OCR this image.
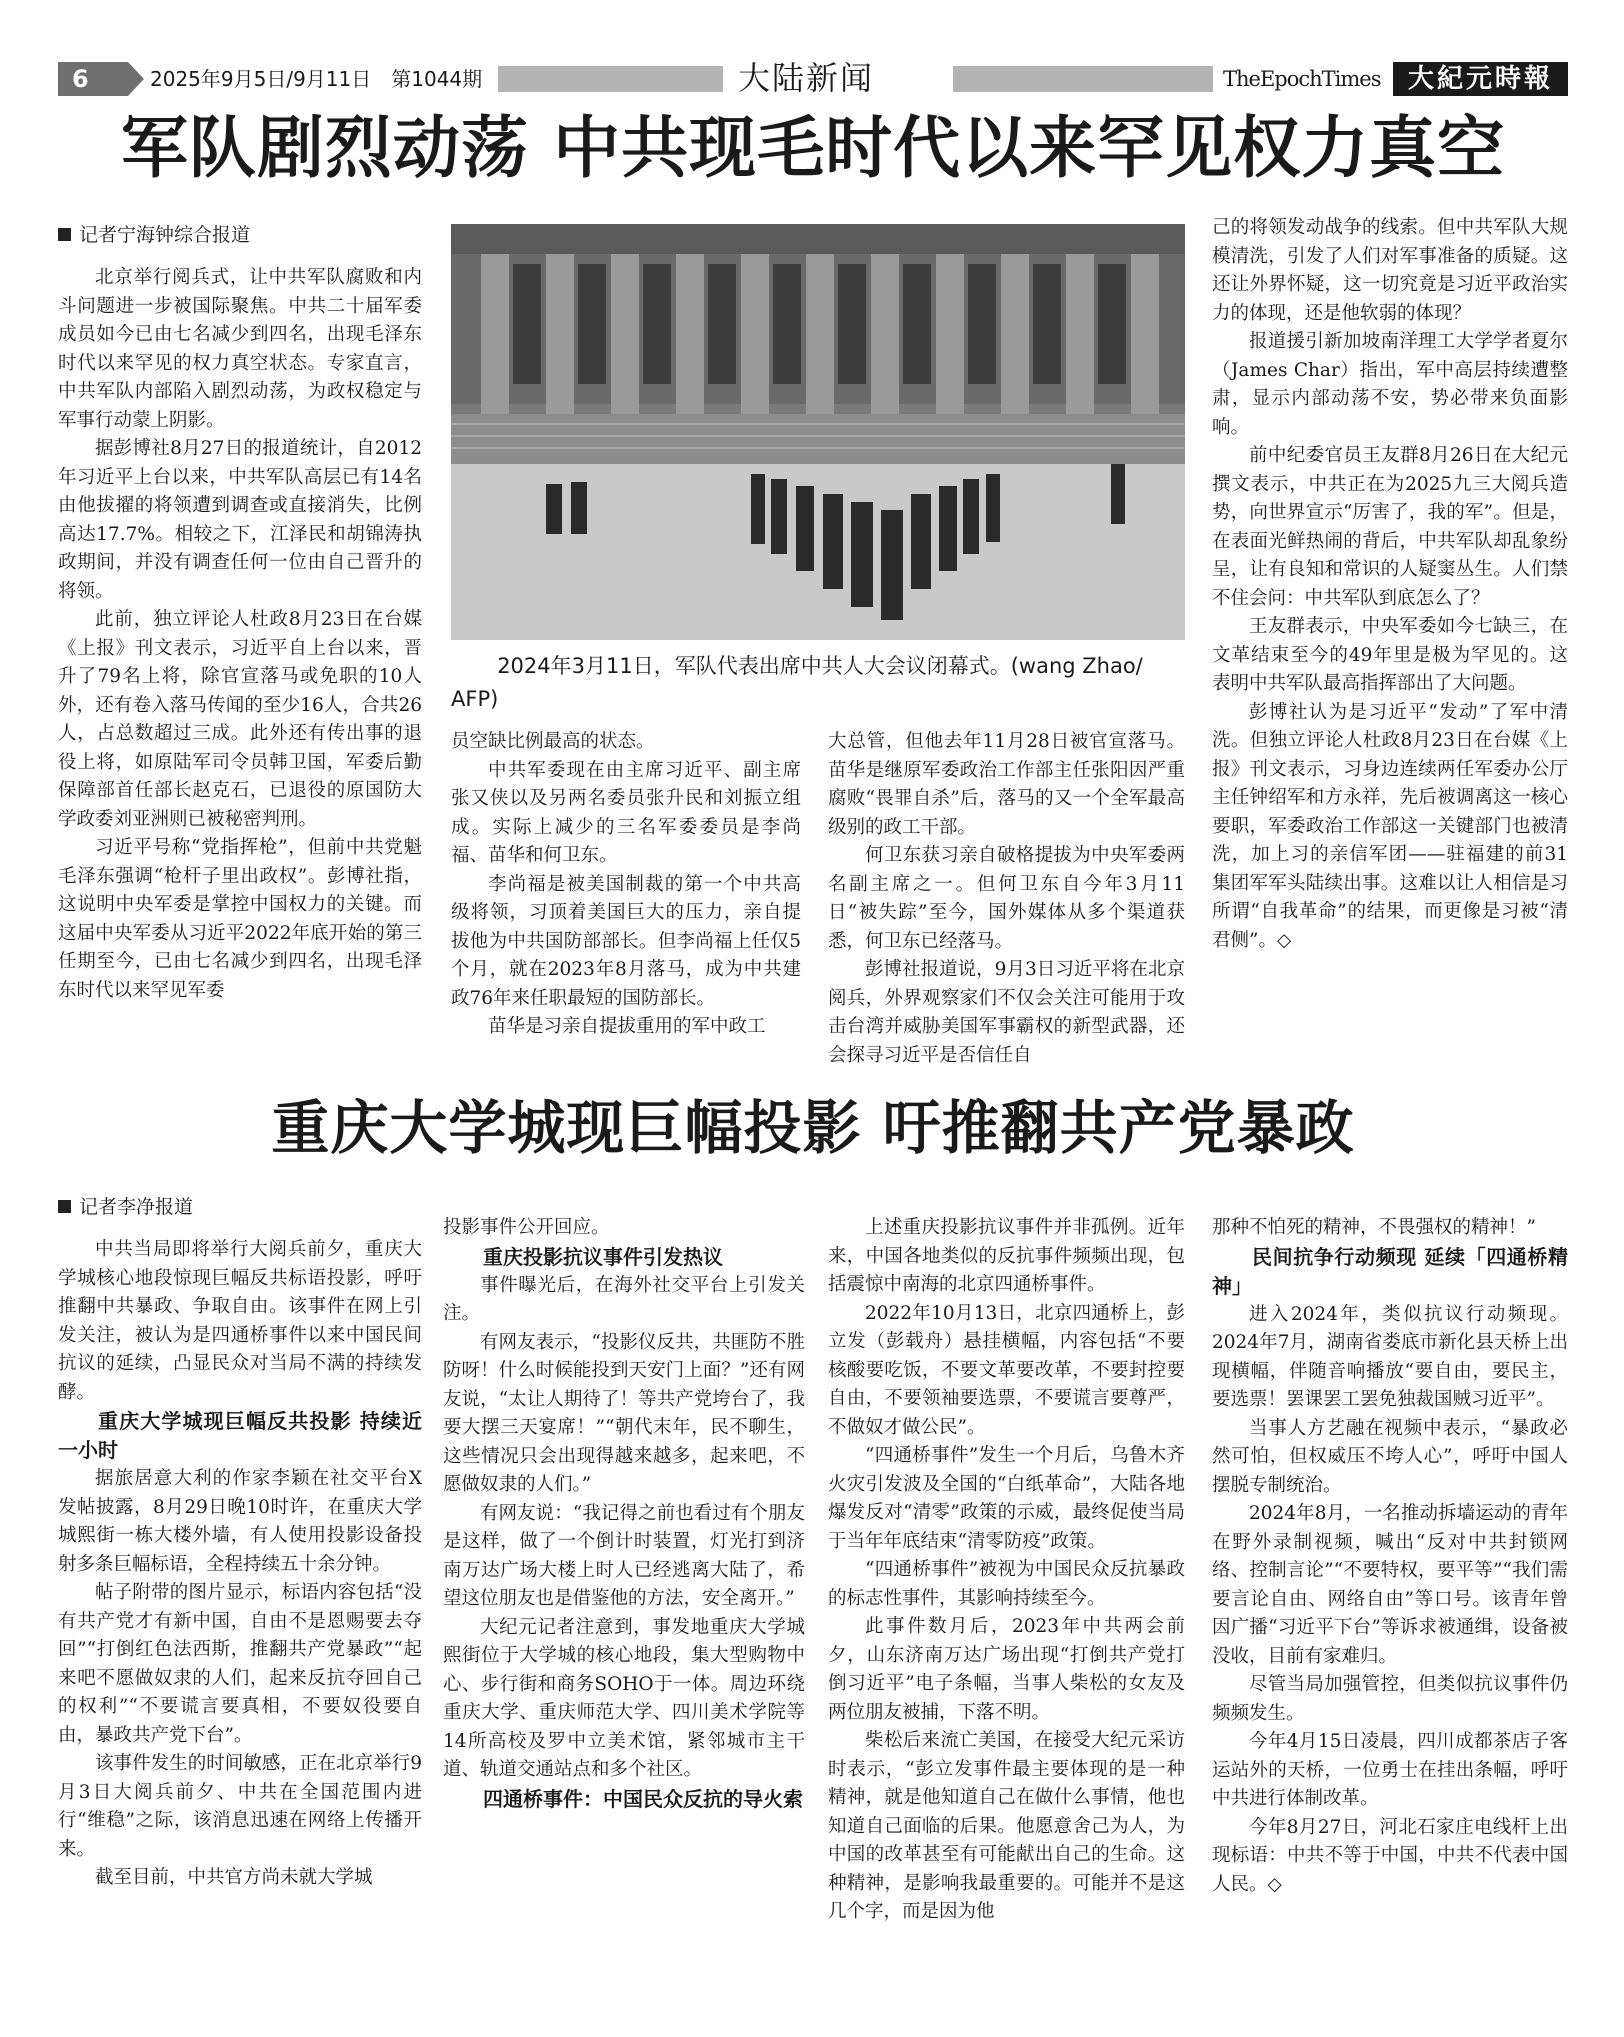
6	2025年9月5日/9月11日　第1044期	大陆新闻	TheEpochTimes	大紀元時報
军队剧烈动荡 中共现毛时代以来罕见权力真空

记者宁海钟综合报道

北京举行阅兵式，让中共军队腐败和内斗问题进一步被国际聚焦。中共二十届军委成员如今已由七名减少到四名，出现毛泽东时代以来罕见的权力真空状态。专家直言，中共军队内部陷入剧烈动荡，为政权稳定与军事行动蒙上阴影。

据彭博社8月27日的报道统计，自2012年习近平上台以来，中共军队高层已有14名由他拔擢的将领遭到调查或直接消失，比例高达17.7%。相较之下，江泽民和胡锦涛执政期间，并没有调查任何一位由自己晋升的将领。

此前，独立评论人杜政8月23日在台媒《上报》刊文表示，习近平自上台以来，晋升了79名上将，除官宣落马或免职的10人外，还有卷入落马传闻的至少16人，合共26人，占总数超过三成。此外还有传出事的退役上将，如原陆军司令员韩卫国，军委后勤保障部首任部长赵克石，已退役的原国防大学政委刘亚洲则已被秘密判刑。

习近平号称“党指挥枪”，但前中共党魁毛泽东强调“枪杆子里出政权”。彭博社指，这说明中央军委是掌控中国权力的关键。而这届中央军委从习近平2022年底开始的第三任期至今，已由七名减少到四名，出现毛泽东时代以来罕见军委

2024年3月11日，军队代表出席中共人大会议闭幕式。(wang Zhao/ AFP)

员空缺比例最高的状态。

中共军委现在由主席习近平、副主席张又侠以及另两名委员张升民和刘振立组成。实际上减少的三名军委委员是李尚福、苗华和何卫东。

李尚福是被美国制裁的第一个中共高级将领，习顶着美国巨大的压力，亲自提拔他为中共国防部部长。但李尚福上任仅5个月，就在2023年8月落马，成为中共建政76年来任职最短的国防部长。

苗华是习亲自提拔重用的军中政工

大总管，但他去年11月28日被官宣落马。苗华是继原军委政治工作部主任张阳因严重腐败“畏罪自杀”后，落马的又一个全军最高级别的政工干部。

何卫东获习亲自破格提拔为中央军委两名副主席之一。但何卫东自今年3月11日“被失踪”至今，国外媒体从多个渠道获悉，何卫东已经落马。

彭博社报道说，9月3日习近平将在北京阅兵，外界观察家们不仅会关注可能用于攻击台湾并威胁美国军事霸权的新型武器，还会探寻习近平是否信任自

己的将领发动战争的线索。但中共军队大规模清洗，引发了人们对军事准备的质疑。这还让外界怀疑，这一切究竟是习近平政治实力的体现，还是他软弱的体现？

报道援引新加坡南洋理工大学学者夏尔（James Char）指出，军中高层持续遭整肃，显示内部动荡不安，势必带来负面影响。

前中纪委官员王友群8月26日在大纪元撰文表示，中共正在为2025九三大阅兵造势，向世界宣示“厉害了，我的军”。但是，在表面光鲜热闹的背后，中共军队却乱象纷呈，让有良知和常识的人疑窦丛生。人们禁不住会问：中共军队到底怎么了？

王友群表示，中央军委如今七缺三，在文革结束至今的49年里是极为罕见的。这表明中共军队最高指挥部出了大问题。

彭博社认为是习近平“发动”了军中清洗。但独立评论人杜政8月23日在台媒《上报》刊文表示，习身边连续两任军委办公厅主任钟绍军和方永祥，先后被调离这一核心要职，军委政治工作部这一关键部门也被清洗，加上习的亲信军团——驻福建的前31集团军军头陆续出事。这难以让人相信是习所谓“自我革命”的结果，而更像是习被“清君侧”。◇

重庆大学城现巨幅投影 吁推翻共产党暴政

记者李净报道

中共当局即将举行大阅兵前夕，重庆大学城核心地段惊现巨幅反共标语投影，呼吁推翻中共暴政、争取自由。该事件在网上引发关注，被认为是四通桥事件以来中国民间抗议的延续，凸显民众对当局不满的持续发酵。

重庆大学城现巨幅反共投影 持续近一小时

据旅居意大利的作家李颖在社交平台X发帖披露，8月29日晚10时许，在重庆大学城熙街一栋大楼外墙，有人使用投影设备投射多条巨幅标语，全程持续五十余分钟。

帖子附带的图片显示，标语内容包括“没有共产党才有新中国，自由不是恩赐要去夺回”“打倒红色法西斯，推翻共产党暴政”“起来吧不愿做奴隶的人们，起来反抗夺回自己的权利”“不要谎言要真相，不要奴役要自由，暴政共产党下台”。

该事件发生的时间敏感，正在北京举行9月3日大阅兵前夕、中共在全国范围内进行“维稳”之际，该消息迅速在网络上传播开来。

截至目前，中共官方尚未就大学城

投影事件公开回应。

重庆投影抗议事件引发热议

事件曝光后，在海外社交平台上引发关注。

有网友表示，“投影仪反共，共匪防不胜防呀！什么时候能投到天安门上面？”还有网友说，“太让人期待了！等共产党垮台了，我要大摆三天宴席！”“朝代末年，民不聊生，这些情况只会出现得越来越多，起来吧，不愿做奴隶的人们。”

有网友说：“我记得之前也看过有个朋友是这样，做了一个倒计时装置，灯光打到济南万达广场大楼上时人已经逃离大陆了，希望这位朋友也是借鉴他的方法，安全离开。”

大纪元记者注意到，事发地重庆大学城熙街位于大学城的核心地段，集大型购物中心、步行街和商务SOHO于一体。周边环绕重庆大学、重庆师范大学、四川美术学院等14所高校及罗中立美术馆，紧邻城市主干道、轨道交通站点和多个社区。

四通桥事件：中国民众反抗的导火索

上述重庆投影抗议事件并非孤例。近年来，中国各地类似的反抗事件频频出现，包括震惊中南海的北京四通桥事件。

2022年10月13日，北京四通桥上，彭立发（彭载舟）悬挂横幅，内容包括“不要核酸要吃饭，不要文革要改革，不要封控要自由，不要领袖要选票，不要谎言要尊严，不做奴才做公民”。

“四通桥事件”发生一个月后，乌鲁木齐火灾引发波及全国的“白纸革命”，大陆各地爆发反对“清零”政策的示威，最终促使当局于当年年底结束“清零防疫”政策。

“四通桥事件”被视为中国民众反抗暴政的标志性事件，其影响持续至今。

此事件数月后，2023年中共两会前夕，山东济南万达广场出现“打倒共产党打倒习近平”电子条幅，当事人柴松的女友及两位朋友被捕，下落不明。

柴松后来流亡美国，在接受大纪元采访时表示，“彭立发事件最主要体现的是一种精神，就是他知道自己在做什么事情，他也知道自己面临的后果。他愿意舍己为人，为中国的改革甚至有可能献出自己的生命。这种精神，是影响我最重要的。可能并不是这几个字，而是因为他

那种不怕死的精神，不畏强权的精神！”

民间抗争行动频现 延续「四通桥精神」

进入2024年，类似抗议行动频现。2024年7月，湖南省娄底市新化县天桥上出现横幅，伴随音响播放“要自由，要民主，要选票！罢课罢工罢免独裁国贼习近平”。

当事人方艺融在视频中表示，“暴政必然可怕，但权威压不垮人心”，呼吁中国人摆脱专制统治。

2024年8月，一名推动拆墙运动的青年在野外录制视频，喊出“反对中共封锁网络、控制言论”“不要特权，要平等”“我们需要言论自由、网络自由”等口号。该青年曾因广播“习近平下台”等诉求被通缉，设备被没收，目前有家难归。

尽管当局加强管控，但类似抗议事件仍频频发生。

今年4月15日凌晨，四川成都茶店子客运站外的天桥，一位勇士在挂出条幅，呼吁中共进行体制改革。

今年8月27日，河北石家庄电线杆上出现标语：中共不等于中国，中共不代表中国人民。◇
